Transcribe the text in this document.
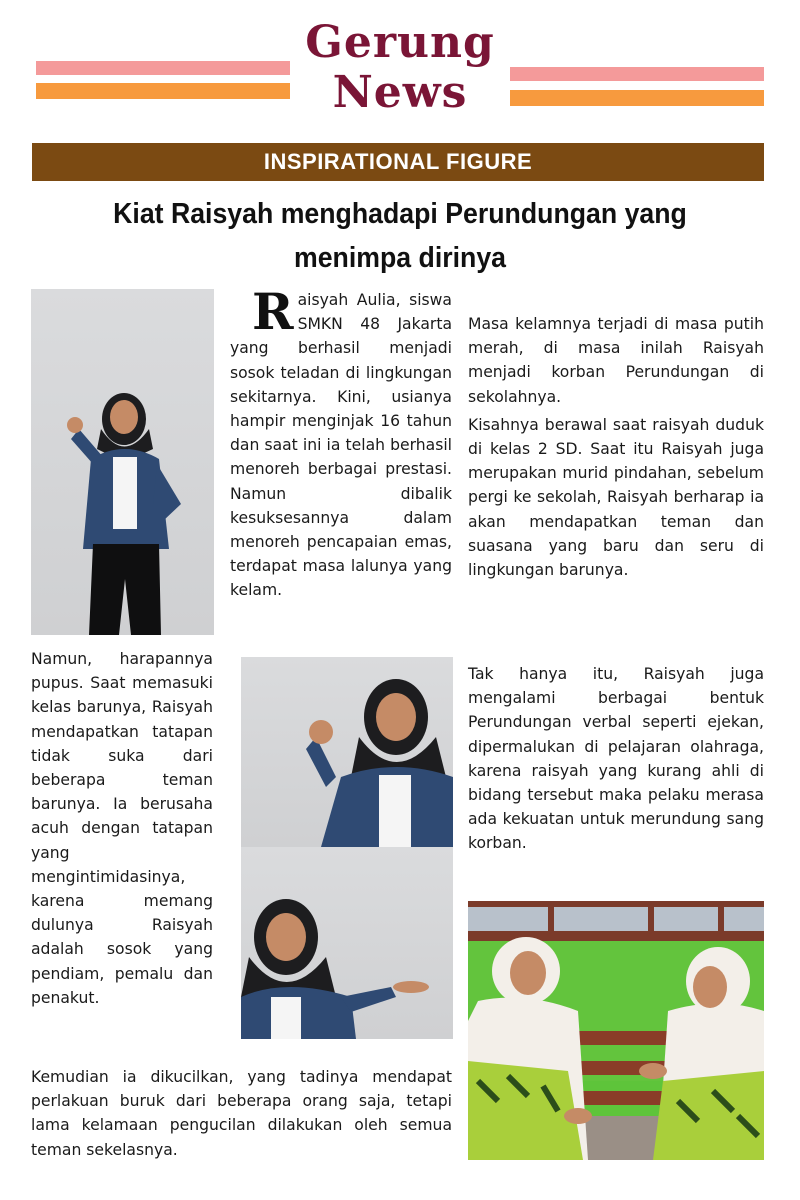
Gerung
News
INSPIRATIONAL FIGURE
Kiat Raisyah menghadapi Perundungan yang menimpa dirinya
Raisyah Aulia, siswa SMKN 48 Jakarta yang berhasil menjadi sosok teladan di lingkungan sekitarnya. Kini, usianya hampir menginjak 16 tahun dan saat ini ia telah berhasil menoreh berbagai prestasi. Namun dibalik kesuksesannya dalam menoreh pencapaian emas, terdapat masa lalunya yang kelam.

Masa kelamnya terjadi di masa putih merah, di masa inilah Raisyah menjadi korban Perundungan di sekolahnya.

Kisahnya berawal saat raisyah duduk di kelas 2 SD. Saat itu Raisyah juga merupakan murid pindahan, sebelum pergi ke sekolah, Raisyah berharap ia akan mendapatkan teman dan suasana yang baru dan seru di lingkungan barunya.

Namun, harapannya pupus. Saat memasuki kelas barunya, Raisyah mendapatkan tatapan tidak suka dari beberapa teman barunya. Ia berusaha acuh dengan tatapan yang mengintimidasinya, karena memang dulunya Raisyah adalah sosok yang pendiam, pemalu dan penakut.

Tak hanya itu, Raisyah juga mengalami berbagai bentuk Perundungan verbal seperti ejekan, dipermalukan di pelajaran olahraga, karena raisyah yang kurang ahli di bidang tersebut maka pelaku merasa ada kekuatan untuk merundung sang korban.

Kemudian ia dikucilkan, yang tadinya mendapat perlakuan buruk dari beberapa orang saja, tetapi lama kelamaan pengucilan dilakukan oleh semua teman sekelasnya.
